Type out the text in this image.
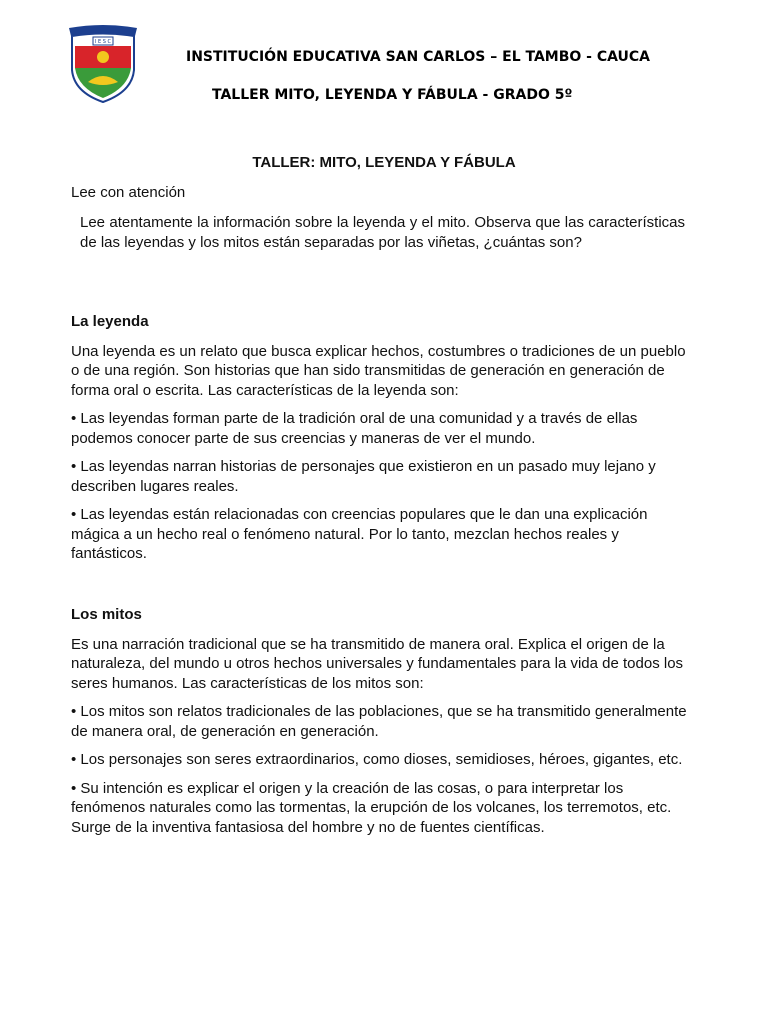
I E S C
INSTITUCIÓN EDUCATIVA SAN CARLOS – EL TAMBO - CAUCA
TALLER MITO, LEYENDA Y FÁBULA - GRADO 5º
TALLER: MITO, LEYENDA Y FÁBULA
Lee con atención
Lee atentamente la información sobre la leyenda y el mito. Observa que las características de las leyendas y los mitos están separadas por las viñetas, ¿cuántas son?
La leyenda

Una leyenda es un relato que busca explicar hechos, costumbres o tradiciones de un pueblo o de una región. Son historias que han sido transmitidas de generación en generación de forma oral o escrita. Las características de la leyenda son:

• Las leyendas forman parte de la tradición oral de una comunidad y a través de ellas podemos conocer parte de sus creencias y maneras de ver el mundo.

• Las leyendas narran historias de personajes que existieron en un pasado muy lejano y describen lugares reales.

• Las leyendas están relacionadas con creencias populares que le dan una explicación mágica a un hecho real o fenómeno natural. Por lo tanto, mezclan hechos reales y fantásticos.

Los mitos

Es una narración tradicional que se ha transmitido de manera oral. Explica el origen de la naturaleza, del mundo u otros hechos universales y fundamentales para la vida de todos los seres humanos. Las características de los mitos son:

• Los mitos son relatos tradicionales de las poblaciones, que se ha transmitido generalmente de manera oral, de generación en generación.

• Los personajes son seres extraordinarios, como dioses, semidioses, héroes, gigantes, etc.

• Su intención es explicar el origen y la creación de las cosas, o para interpretar los fenómenos naturales como las tormentas, la erupción de los volcanes, los terremotos, etc. Surge de la inventiva fantasiosa del hombre y no de fuentes científicas.
